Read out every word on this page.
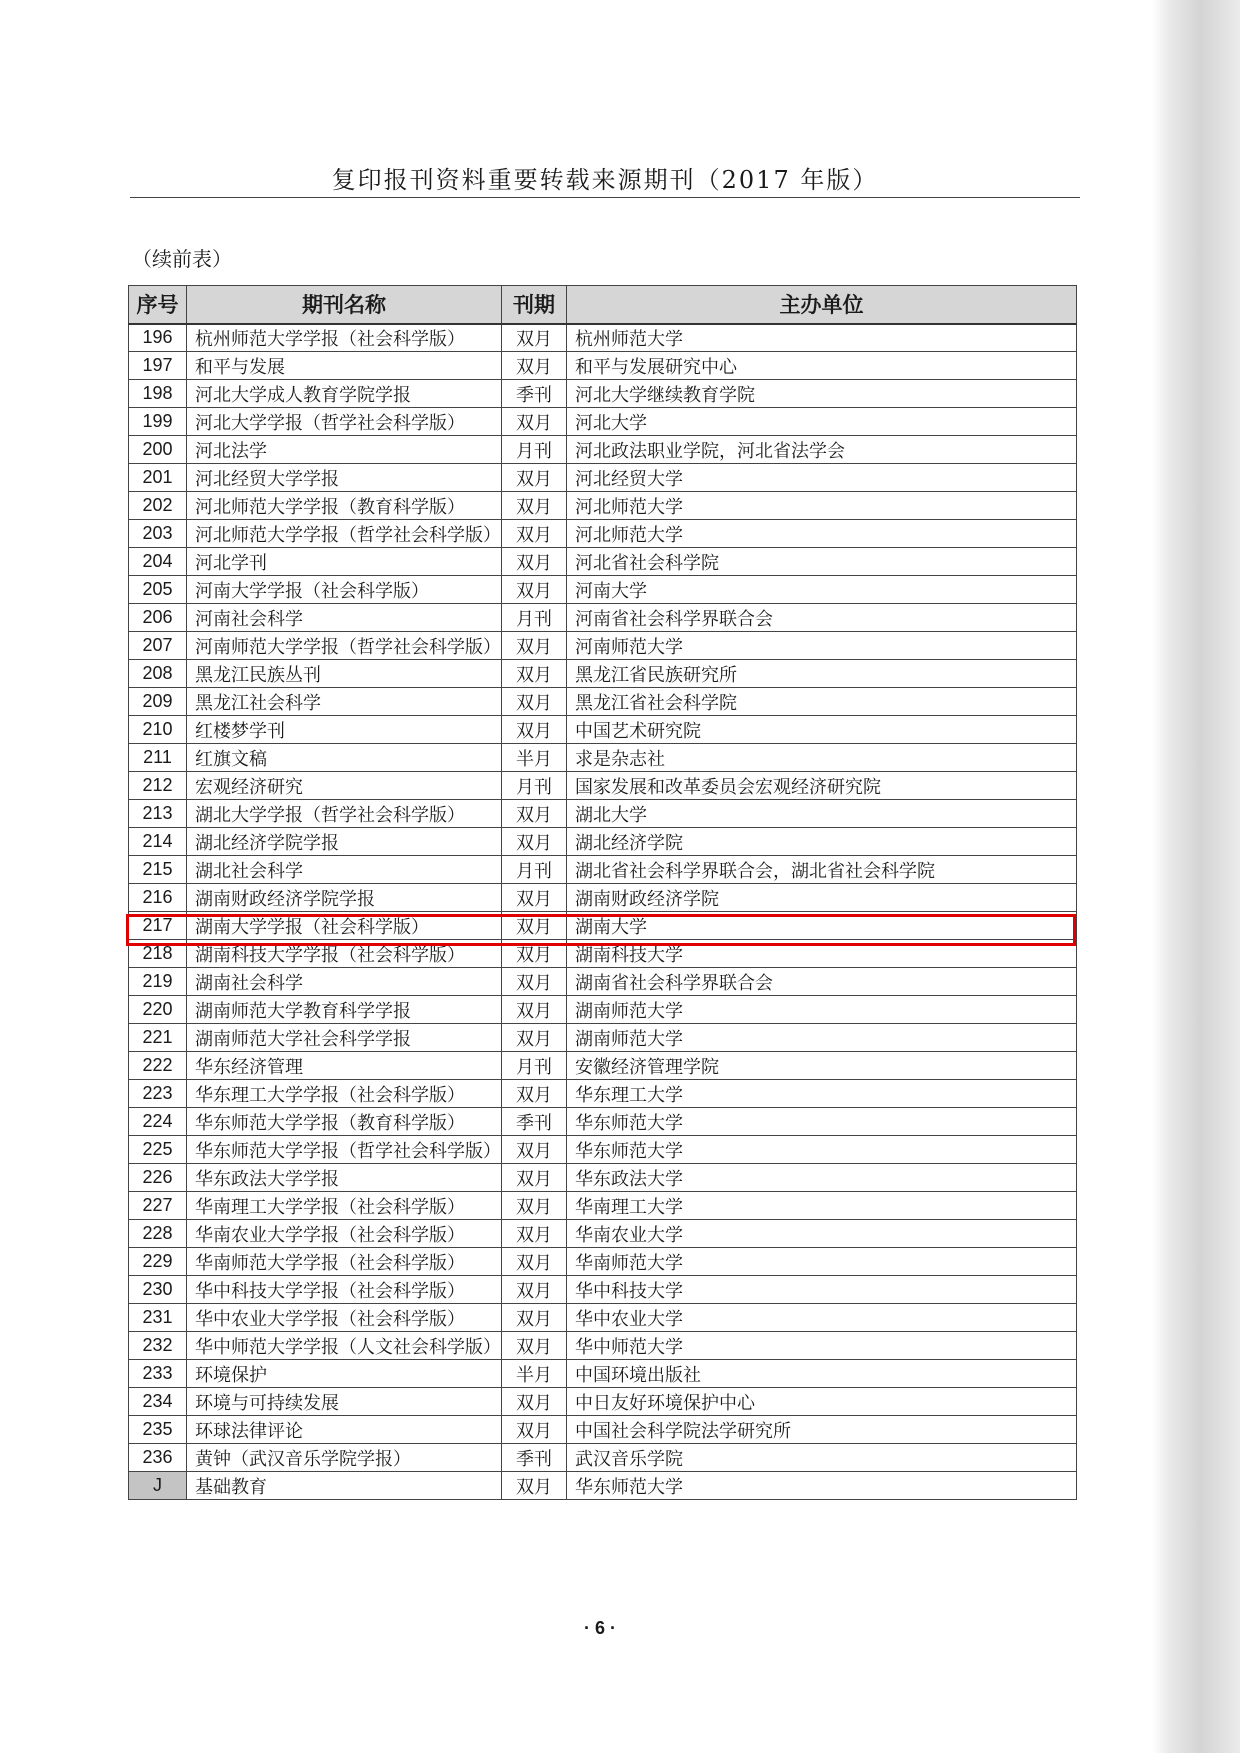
复印报刊资料重要转载来源期刊（2017 年版）
（续前表）
序号	期刊名称	刊期	主办单位
196	杭州师范大学学报（社会科学版）	双月	杭州师范大学
197	和平与发展	双月	和平与发展研究中心
198	河北大学成人教育学院学报	季刊	河北大学继续教育学院
199	河北大学学报（哲学社会科学版）	双月	河北大学
200	河北法学	月刊	河北政法职业学院，河北省法学会
201	河北经贸大学学报	双月	河北经贸大学
202	河北师范大学学报（教育科学版）	双月	河北师范大学
203	河北师范大学学报（哲学社会科学版）	双月	河北师范大学
204	河北学刊	双月	河北省社会科学院
205	河南大学学报（社会科学版）	双月	河南大学
206	河南社会科学	月刊	河南省社会科学界联合会
207	河南师范大学学报（哲学社会科学版）	双月	河南师范大学
208	黑龙江民族丛刊	双月	黑龙江省民族研究所
209	黑龙江社会科学	双月	黑龙江省社会科学院
210	红楼梦学刊	双月	中国艺术研究院
211	红旗文稿	半月	求是杂志社
212	宏观经济研究	月刊	国家发展和改革委员会宏观经济研究院
213	湖北大学学报（哲学社会科学版）	双月	湖北大学
214	湖北经济学院学报	双月	湖北经济学院
215	湖北社会科学	月刊	湖北省社会科学界联合会，湖北省社会科学院
216	湖南财政经济学院学报	双月	湖南财政经济学院
217	湖南大学学报（社会科学版）	双月	湖南大学
218	湖南科技大学学报（社会科学版）	双月	湖南科技大学
219	湖南社会科学	双月	湖南省社会科学界联合会
220	湖南师范大学教育科学学报	双月	湖南师范大学
221	湖南师范大学社会科学学报	双月	湖南师范大学
222	华东经济管理	月刊	安徽经济管理学院
223	华东理工大学学报（社会科学版）	双月	华东理工大学
224	华东师范大学学报（教育科学版）	季刊	华东师范大学
225	华东师范大学学报（哲学社会科学版）	双月	华东师范大学
226	华东政法大学学报	双月	华东政法大学
227	华南理工大学学报（社会科学版）	双月	华南理工大学
228	华南农业大学学报（社会科学版）	双月	华南农业大学
229	华南师范大学学报（社会科学版）	双月	华南师范大学
230	华中科技大学学报（社会科学版）	双月	华中科技大学
231	华中农业大学学报（社会科学版）	双月	华中农业大学
232	华中师范大学学报（人文社会科学版）	双月	华中师范大学
233	环境保护	半月	中国环境出版社
234	环境与可持续发展	双月	中日友好环境保护中心
235	环球法律评论	双月	中国社会科学院法学研究所
236	黄钟（武汉音乐学院学报）	季刊	武汉音乐学院
J	基础教育	双月	华东师范大学
· 6 ·
